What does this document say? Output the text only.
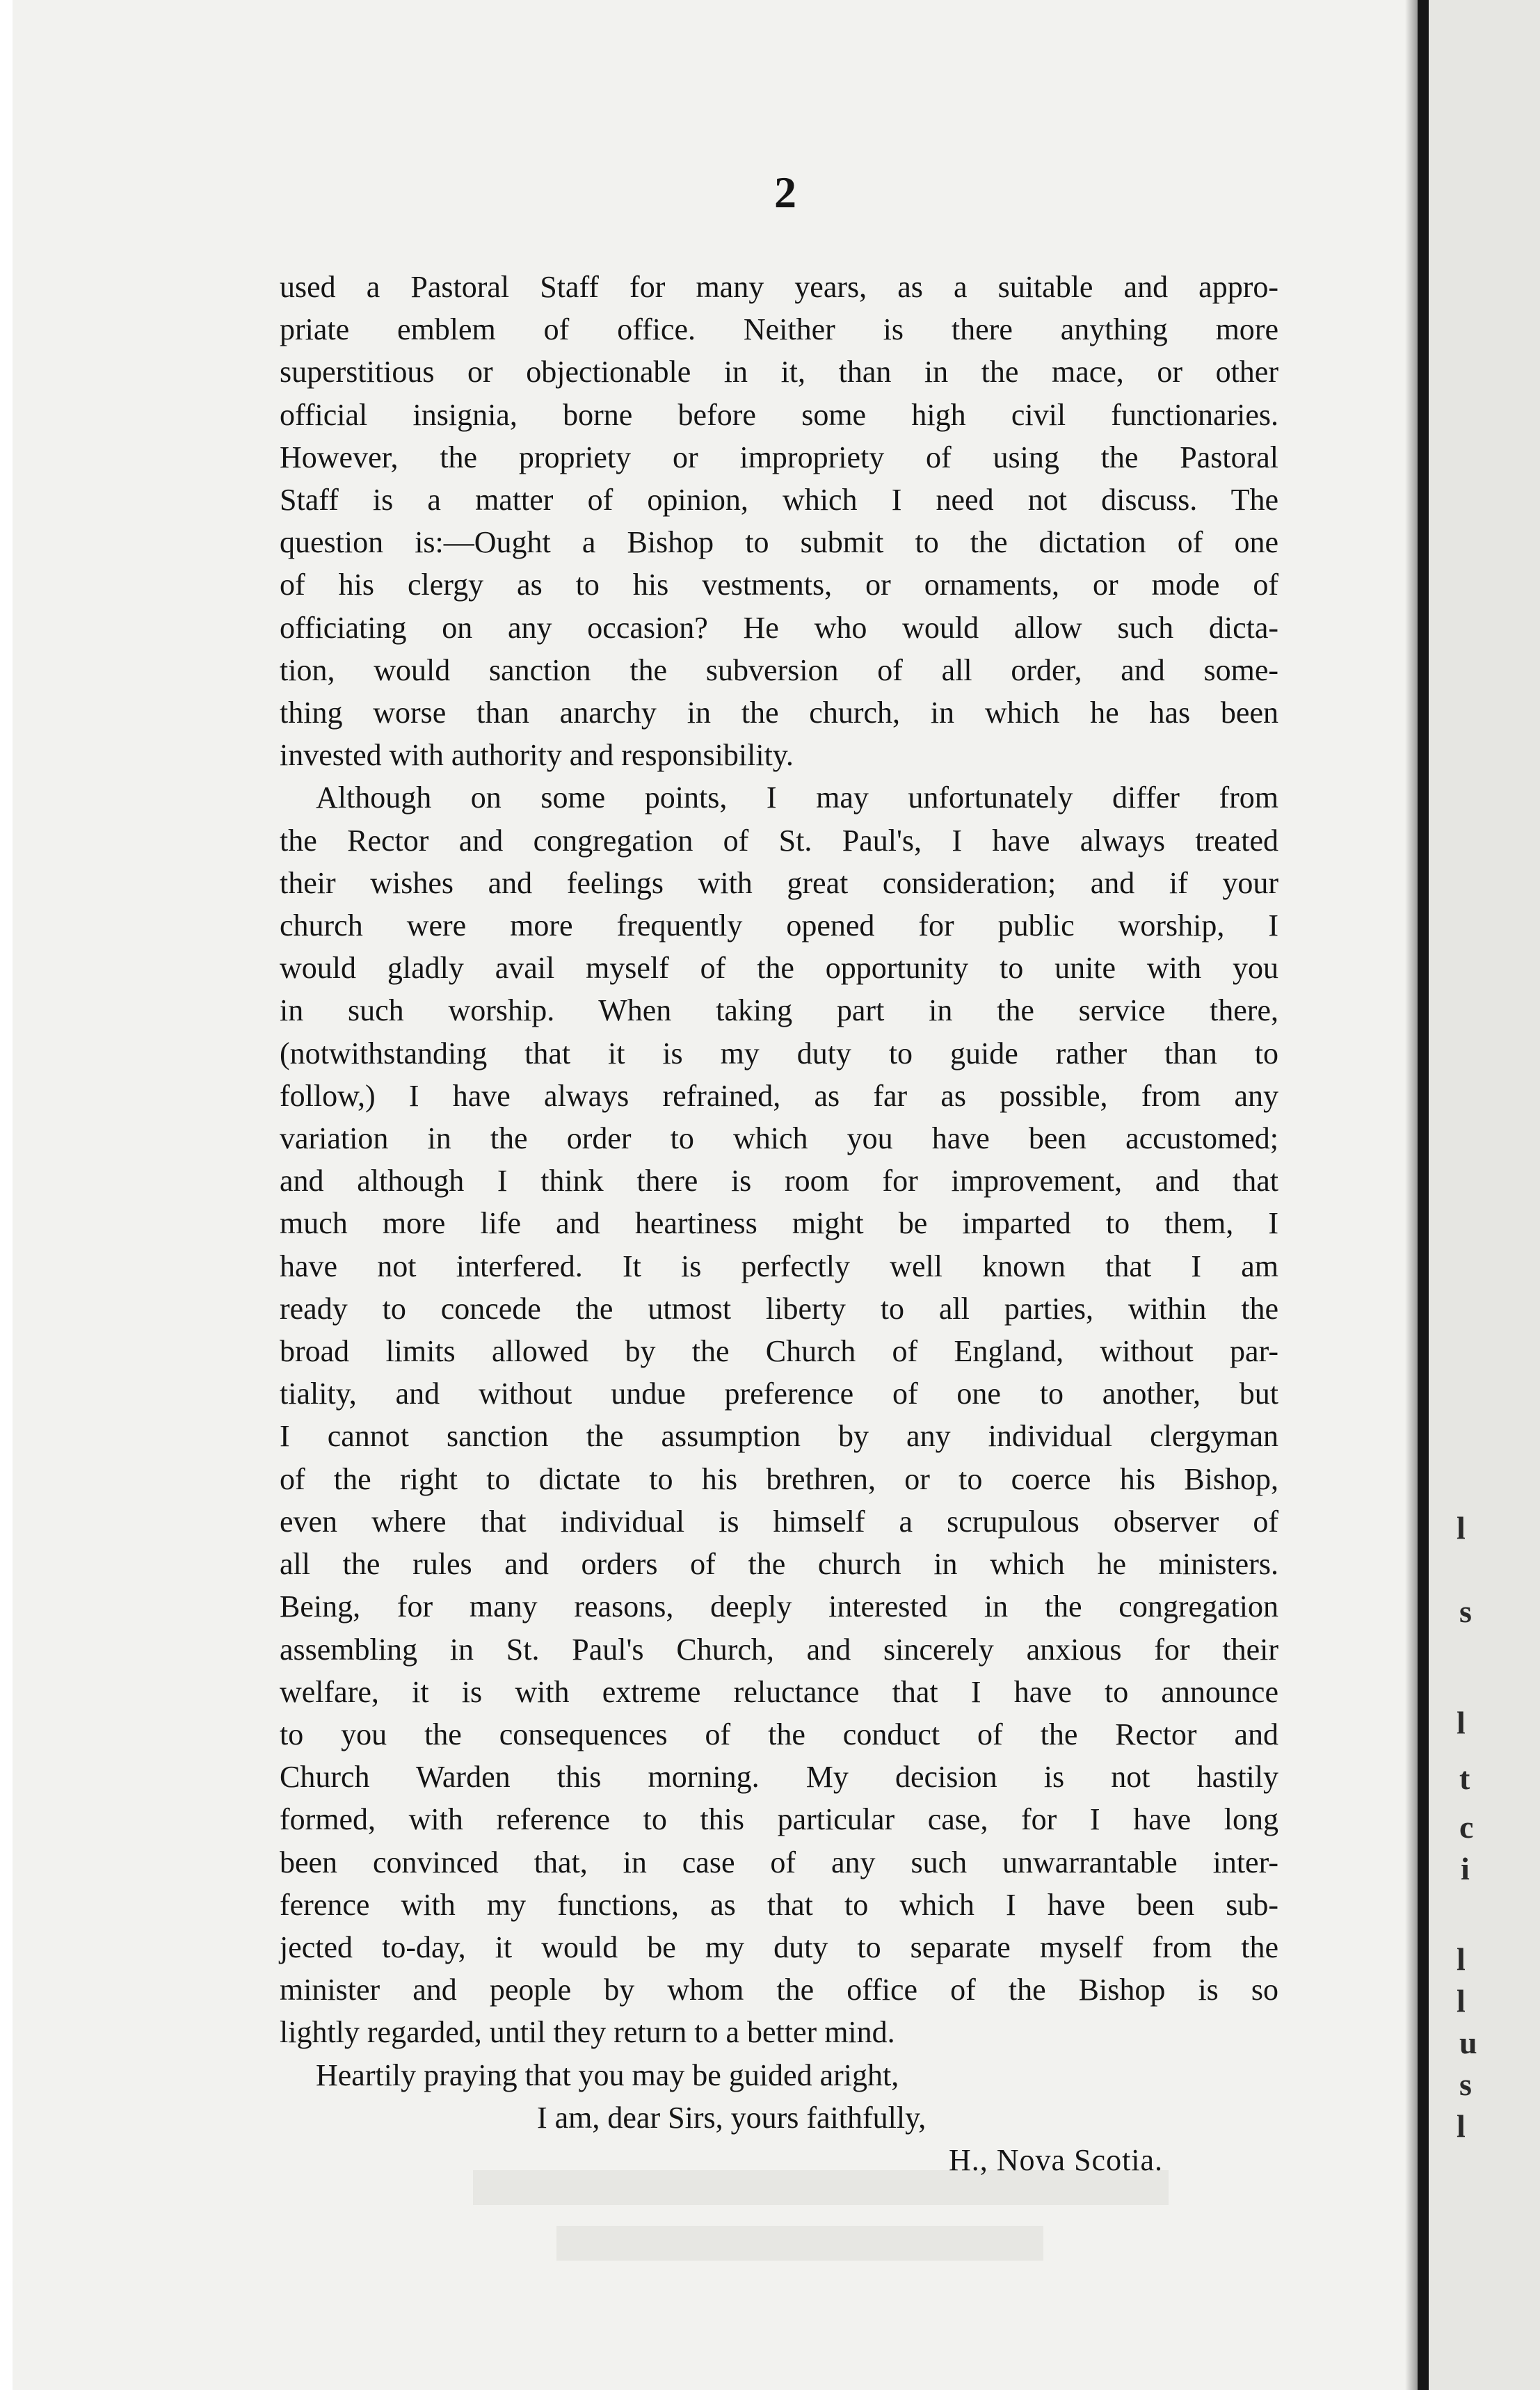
l
s
l
t
c
i
l
l
u
s
l
2
used a Pastoral Staff for many years, as a suitable and appro-
priate emblem of office. Neither is there anything more
superstitious or objectionable in it, than in the mace, or other
official insignia, borne before some high civil functionaries.
However, the propriety or impropriety of using the Pastoral
Staff is a matter of opinion, which I need not discuss. The
question is:—Ought a Bishop to submit to the dictation of one
of his clergy as to his vestments, or ornaments, or mode of
officiating on any occasion? He who would allow such dicta-
tion, would sanction the subversion of all order, and some-
thing worse than anarchy in the church, in which he has been
invested with authority and responsibility.
Although on some points, I may unfortunately differ from
the Rector and congregation of St. Paul's, I have always treated
their wishes and feelings with great consideration; and if your
church were more frequently opened for public worship, I
would gladly avail myself of the opportunity to unite with you
in such worship. When taking part in the service there,
(notwithstanding that it is my duty to guide rather than to
follow,) I have always refrained, as far as possible, from any
variation in the order to which you have been accustomed;
and although I think there is room for improvement, and that
much more life and heartiness might be imparted to them, I
have not interfered. It is perfectly well known that I am
ready to concede the utmost liberty to all parties, within the
broad limits allowed by the Church of England, without par-
tiality, and without undue preference of one to another, but
I cannot sanction the assumption by any individual clergyman
of the right to dictate to his brethren, or to coerce his Bishop,
even where that individual is himself a scrupulous observer of
all the rules and orders of the church in which he ministers.
Being, for many reasons, deeply interested in the congregation
assembling in St. Paul's Church, and sincerely anxious for their
welfare, it is with extreme reluctance that I have to announce
to you the consequences of the conduct of the Rector and
Church Warden this morning. My decision is not hastily
formed, with reference to this particular case, for I have long
been convinced that, in case of any such unwarrantable inter-
ference with my functions, as that to which I have been sub-
jected to-day, it would be my duty to separate myself from the
minister and people by whom the office of the Bishop is so
lightly regarded, until they return to a better mind.
Heartily praying that you may be guided aright,
I am, dear Sirs, yours faithfully,
H., Nova Scotia.
